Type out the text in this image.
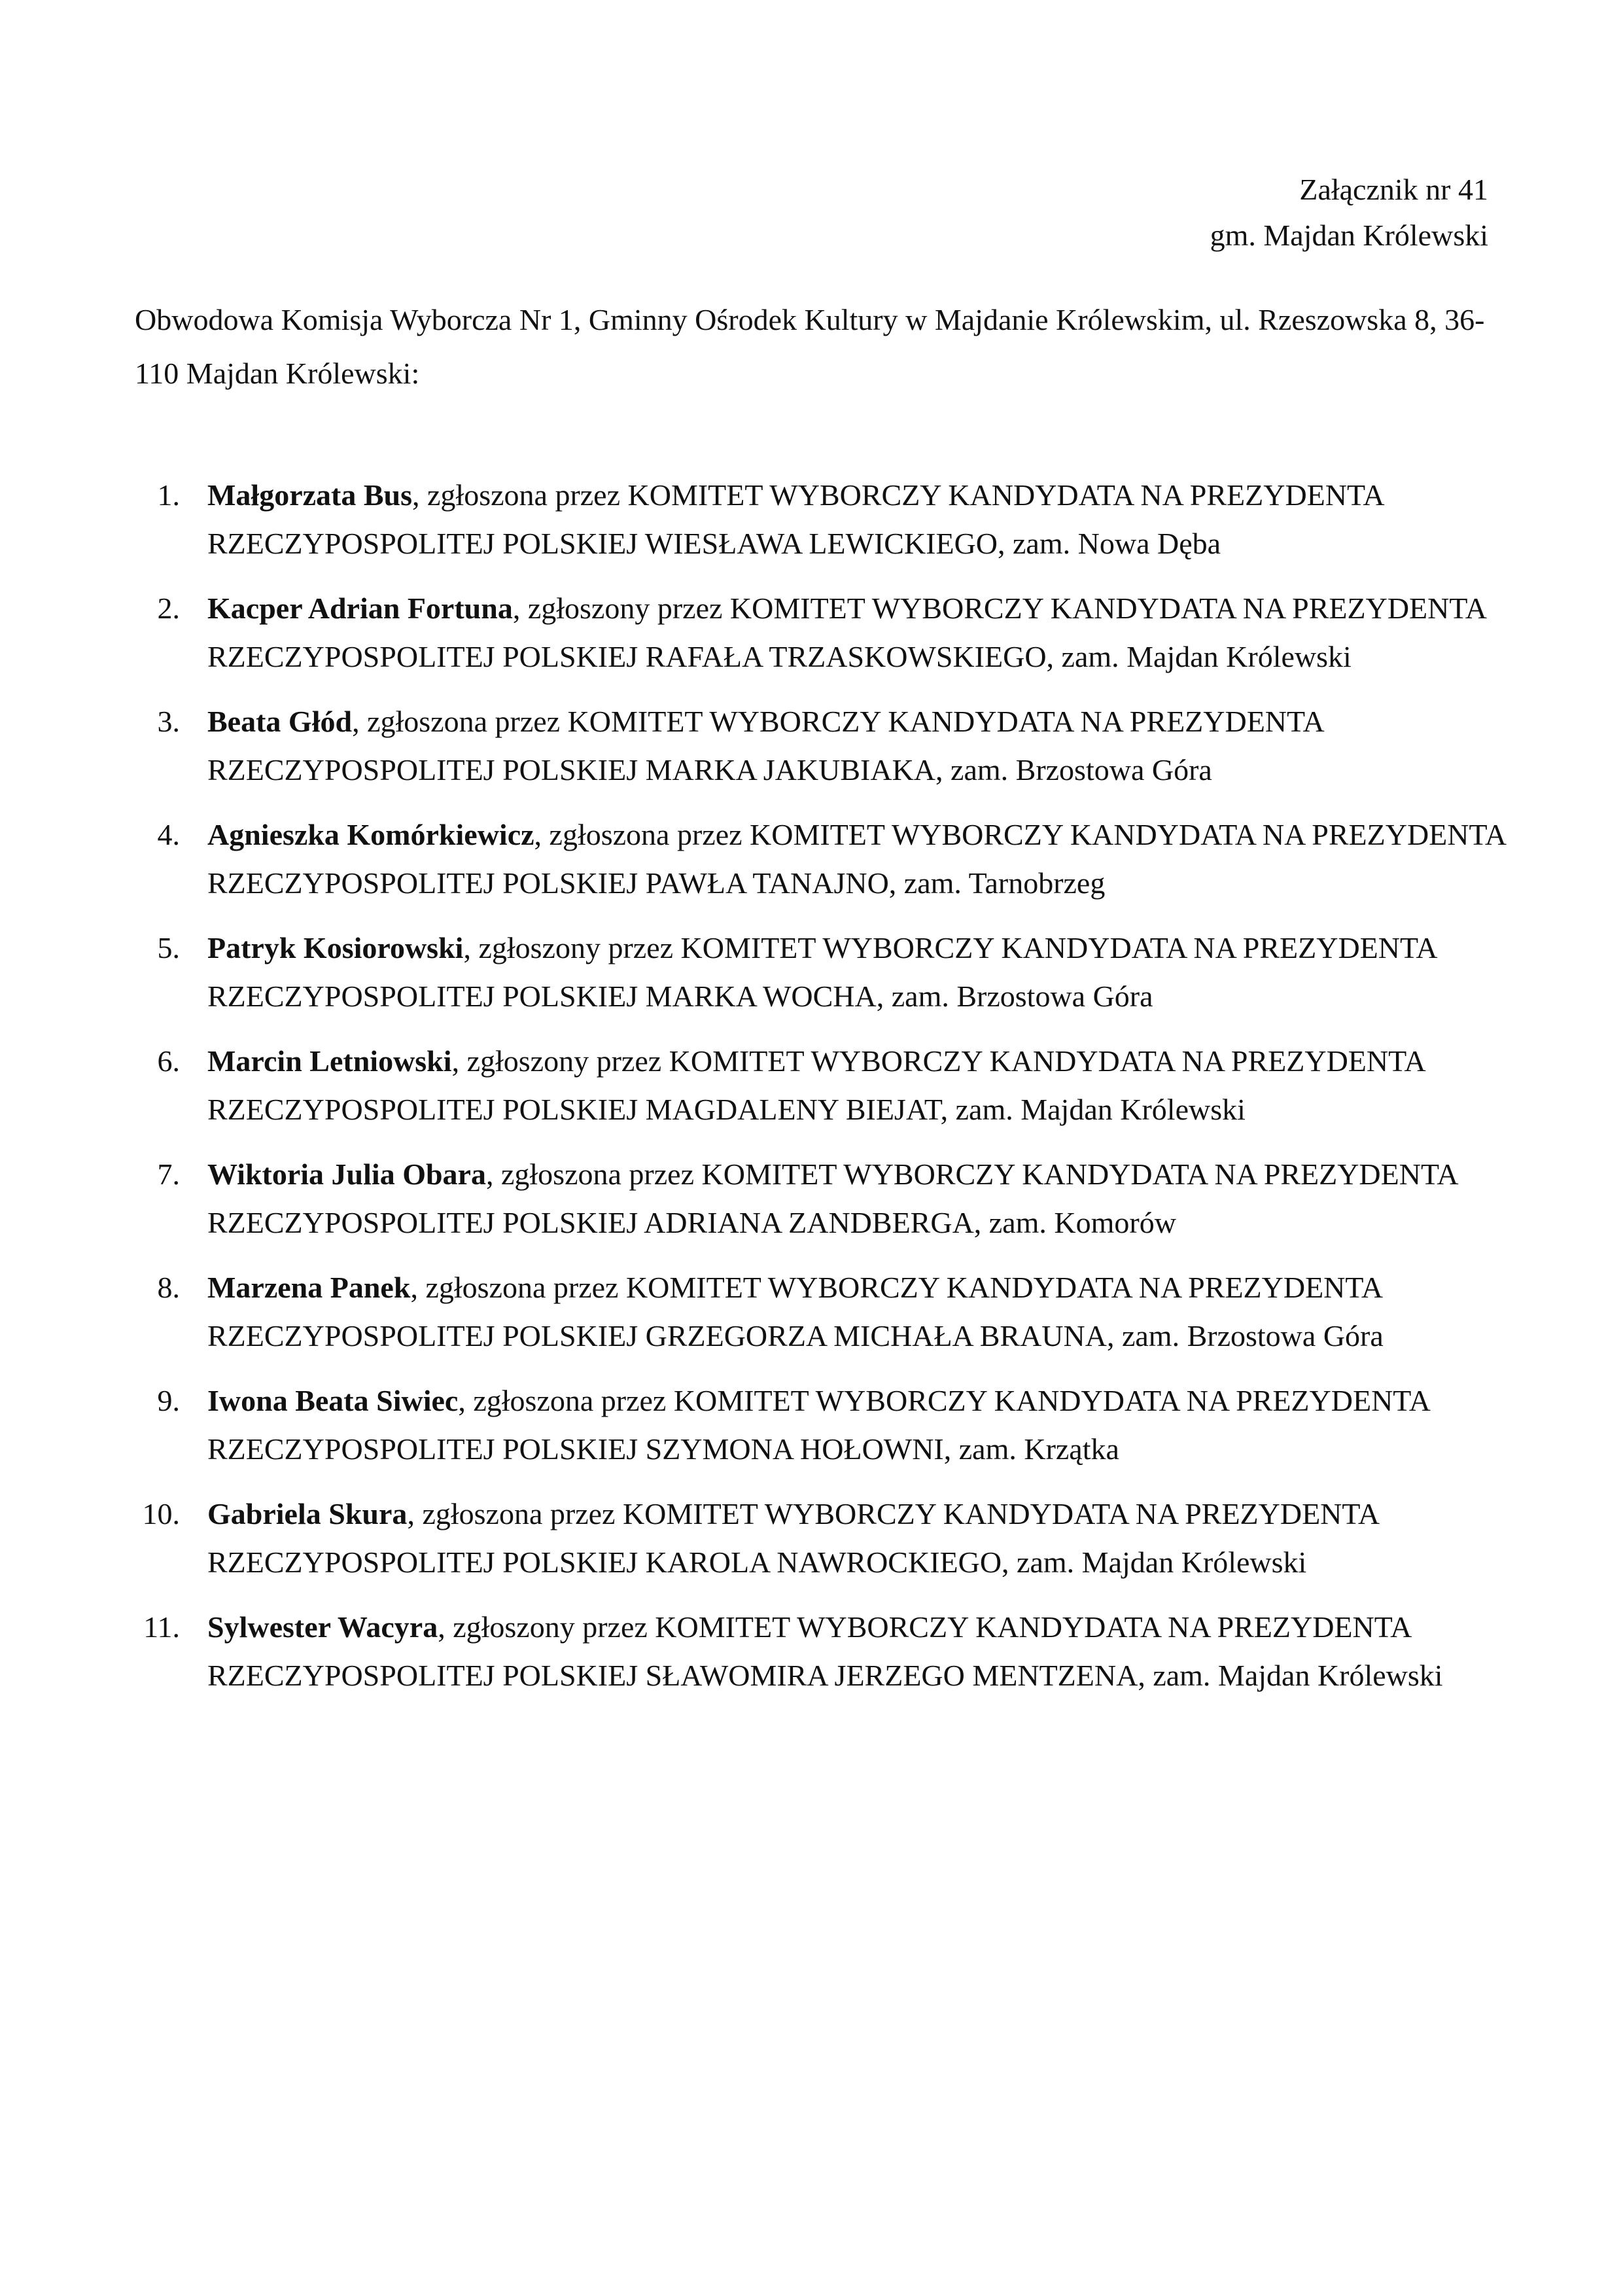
Załącznik nr 41
gm. Majdan Królewski
Obwodowa Komisja Wyborcza Nr 1, Gminny Ośrodek Kultury w Majdanie Królewskim, ul. Rzeszowska 8, 36-110 Majdan Królewski:
1. Małgorzata Bus, zgłoszona przez KOMITET WYBORCZY KANDYDATA NA PREZYDENTA RZECZYPOSPOLITEJ POLSKIEJ WIESŁAWA LEWICKIEGO, zam. Nowa Dęba
2. Kacper Adrian Fortuna, zgłoszony przez KOMITET WYBORCZY KANDYDATA NA PREZYDENTA RZECZYPOSPOLITEJ POLSKIEJ RAFAŁA TRZASKOWSKIEGO, zam. Majdan Królewski
3. Beata Głód, zgłoszona przez KOMITET WYBORCZY KANDYDATA NA PREZYDENTA RZECZYPOSPOLITEJ POLSKIEJ MARKA JAKUBIAKA, zam. Brzostowa Góra
4. Agnieszka Komórkiewicz, zgłoszona przez KOMITET WYBORCZY KANDYDATA NA PREZYDENTA RZECZYPOSPOLITEJ POLSKIEJ PAWŁA TANAJNO, zam. Tarnobrzeg
5. Patryk Kosiorowski, zgłoszony przez KOMITET WYBORCZY KANDYDATA NA PREZYDENTA RZECZYPOSPOLITEJ POLSKIEJ MARKA WOCHA, zam. Brzostowa Góra
6. Marcin Letniowski, zgłoszony przez KOMITET WYBORCZY KANDYDATA NA PREZYDENTA RZECZYPOSPOLITEJ POLSKIEJ MAGDALENY BIEJAT, zam. Majdan Królewski
7. Wiktoria Julia Obara, zgłoszona przez KOMITET WYBORCZY KANDYDATA NA PREZYDENTA RZECZYPOSPOLITEJ POLSKIEJ ADRIANA ZANDBERGA, zam. Komorów
8. Marzena Panek, zgłoszona przez KOMITET WYBORCZY KANDYDATA NA PREZYDENTA RZECZYPOSPOLITEJ POLSKIEJ GRZEGORZA MICHAŁA BRAUNA, zam. Brzostowa Góra
9. Iwona Beata Siwiec, zgłoszona przez KOMITET WYBORCZY KANDYDATA NA PREZYDENTA RZECZYPOSPOLITEJ POLSKIEJ SZYMONA HOŁOWNI, zam. Krzątka
10. Gabriela Skura, zgłoszona przez KOMITET WYBORCZY KANDYDATA NA PREZYDENTA RZECZYPOSPOLITEJ POLSKIEJ KAROLA NAWROCKIEGO, zam. Majdan Królewski
11. Sylwester Wacyra, zgłoszony przez KOMITET WYBORCZY KANDYDATA NA PREZYDENTA RZECZYPOSPOLITEJ POLSKIEJ SŁAWOMIRA JERZEGO MENTZENA, zam. Majdan Królewski
